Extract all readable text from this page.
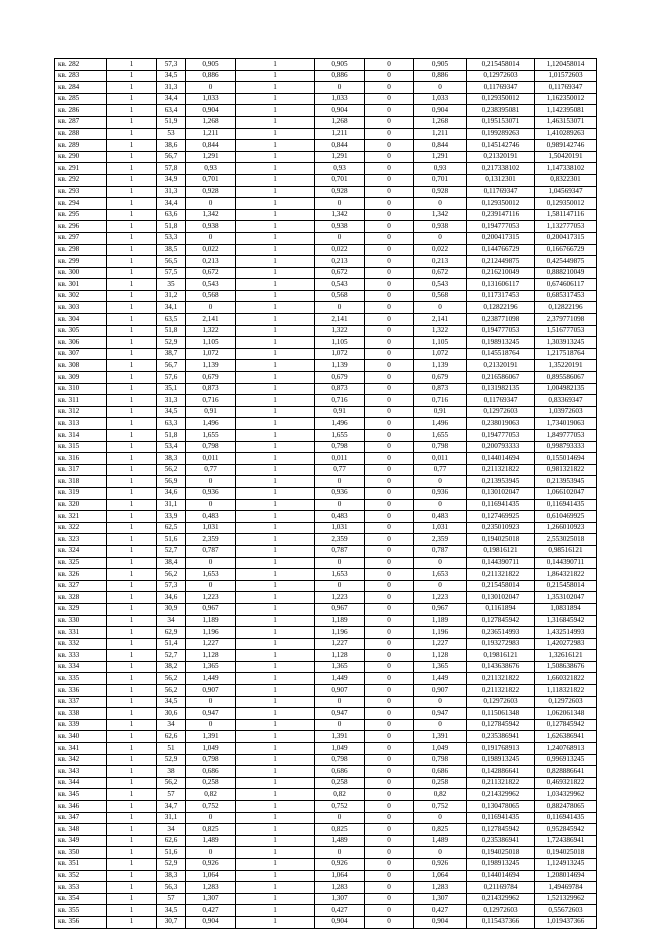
кв. 282	1	57,3	0,905	1	0,905	0	0,905	0,215458014	1,120458014
кв. 283	1	34,5	0,886	1	0,886	0	0,886	0,12972603	1,01572603
кв. 284	1	31,3	0	1	0	0	0	0,11769347	0,11769347
кв. 285	1	34,4	1,033	1	1,033	0	1,033	0,129350012	1,162350012
кв. 286	1	63,4	0,904	1	0,904	0	0,904	0,238395081	1,142395081
кв. 287	1	51,9	1,268	1	1,268	0	1,268	0,195153071	1,463153071
кв. 288	1	53	1,211	1	1,211	0	1,211	0,199289263	1,410289263
кв. 289	1	38,6	0,844	1	0,844	0	0,844	0,145142746	0,989142746
кв. 290	1	56,7	1,291	1	1,291	0	1,291	0,21320191	1,50420191
кв. 291	1	57,8	0,93	1	0,93	0	0,93	0,217338102	1,147338102
кв. 292	1	34,9	0,701	1	0,701	0	0,701	0,1312301	0,8322301
кв. 293	1	31,3	0,928	1	0,928	0	0,928	0,11769347	1,04569347
кв. 294	1	34,4	0	1	0	0	0	0,129350012	0,129350012
кв. 295	1	63,6	1,342	1	1,342	0	1,342	0,239147116	1,581147116
кв. 296	1	51,8	0,938	1	0,938	0	0,938	0,194777053	1,132777053
кв. 297	1	53,3	0	1	0	0	0	0,200417315	0,200417315
кв. 298	1	38,5	0,022	1	0,022	0	0,022	0,144766729	0,166766729
кв. 299	1	56,5	0,213	1	0,213	0	0,213	0,212449875	0,425449875
кв. 300	1	57,5	0,672	1	0,672	0	0,672	0,216210049	0,888210049
кв. 301	1	35	0,543	1	0,543	0	0,543	0,131606117	0,674606117
кв. 302	1	31,2	0,568	1	0,568	0	0,568	0,117317453	0,685317453
кв. 303	1	34,1	0	1	0	0	0	0,12822196	0,12822196
кв. 304	1	63,5	2,141	1	2,141	0	2,141	0,238771098	2,379771098
кв. 305	1	51,8	1,322	1	1,322	0	1,322	0,194777053	1,516777053
кв. 306	1	52,9	1,105	1	1,105	0	1,105	0,198913245	1,303913245
кв. 307	1	38,7	1,072	1	1,072	0	1,072	0,145518764	1,217518764
кв. 308	1	56,7	1,139	1	1,139	0	1,139	0,21320191	1,35220191
кв. 309	1	57,6	0,679	1	0,679	0	0,679	0,216586067	0,895586067
кв. 310	1	35,1	0,873	1	0,873	0	0,873	0,131982135	1,004982135
кв. 311	1	31,3	0,716	1	0,716	0	0,716	0,11769347	0,83369347
кв. 312	1	34,5	0,91	1	0,91	0	0,91	0,12972603	1,03972603
кв. 313	1	63,3	1,496	1	1,496	0	1,496	0,238019063	1,734019063
кв. 314	1	51,8	1,655	1	1,655	0	1,655	0,194777053	1,849777053
кв. 315	1	53,4	0,798	1	0,798	0	0,798	0,200793333	0,998793333
кв. 316	1	38,3	0,011	1	0,011	0	0,011	0,144014694	0,155014694
кв. 317	1	56,2	0,77	1	0,77	0	0,77	0,211321822	0,981321822
кв. 318	1	56,9	0	1	0	0	0	0,213953945	0,213953945
кв. 319	1	34,6	0,936	1	0,936	0	0,936	0,130102047	1,066102047
кв. 320	1	31,1	0	1	0	0	0	0,116941435	0,116941435
кв. 321	1	33,9	0,483	1	0,483	0	0,483	0,127469925	0,610469925
кв. 322	1	62,5	1,031	1	1,031	0	1,031	0,235010923	1,266010923
кв. 323	1	51,6	2,359	1	2,359	0	2,359	0,194025018	2,553025018
кв. 324	1	52,7	0,787	1	0,787	0	0,787	0,19816121	0,98516121
кв. 325	1	38,4	0	1	0	0	0	0,144390711	0,144390711
кв. 326	1	56,2	1,653	1	1,653	0	1,653	0,211321822	1,864321822
кв. 327	1	57,3	0	1	0	0	0	0,215458014	0,215458014
кв. 328	1	34,6	1,223	1	1,223	0	1,223	0,130102047	1,353102047
кв. 329	1	30,9	0,967	1	0,967	0	0,967	0,1161894	1,0831894
кв. 330	1	34	1,189	1	1,189	0	1,189	0,127845942	1,316845942
кв. 331	1	62,9	1,196	1	1,196	0	1,196	0,236514993	1,432514993
кв. 332	1	51,4	1,227	1	1,227	0	1,227	0,193272983	1,420272983
кв. 333	1	52,7	1,128	1	1,128	0	1,128	0,19816121	1,32616121
кв. 334	1	38,2	1,365	1	1,365	0	1,365	0,143638676	1,508638676
кв. 335	1	56,2	1,449	1	1,449	0	1,449	0,211321822	1,660321822
кв. 336	1	56,2	0,907	1	0,907	0	0,907	0,211321822	1,118321822
кв. 337	1	34,5	0	1	0	0	0	0,12972603	0,12972603
кв. 338	1	30,6	0,947	1	0,947	0	0,947	0,115061348	1,062061348
кв. 339	1	34	0	1	0	0	0	0,127845942	0,127845942
кв. 340	1	62,6	1,391	1	1,391	0	1,391	0,235386941	1,626386941
кв. 341	1	51	1,049	1	1,049	0	1,049	0,191768913	1,240768913
кв. 342	1	52,9	0,798	1	0,798	0	0,798	0,198913245	0,996913245
кв. 343	1	38	0,686	1	0,686	0	0,686	0,142886641	0,828886641
кв. 344	1	56,2	0,258	1	0,258	0	0,258	0,211321822	0,469321822
кв. 345	1	57	0,82	1	0,82	0	0,82	0,214329962	1,034329962
кв. 346	1	34,7	0,752	1	0,752	0	0,752	0,130478065	0,882478065
кв. 347	1	31,1	0	1	0	0	0	0,116941435	0,116941435
кв. 348	1	34	0,825	1	0,825	0	0,825	0,127845942	0,952845942
кв. 349	1	62,6	1,489	1	1,489	0	1,489	0,235386941	1,724386941
кв. 350	1	51,6	0	1	0	0	0	0,194025018	0,194025018
кв. 351	1	52,9	0,926	1	0,926	0	0,926	0,198913245	1,124913245
кв. 352	1	38,3	1,064	1	1,064	0	1,064	0,144014694	1,208014694
кв. 353	1	56,3	1,283	1	1,283	0	1,283	0,21169784	1,49469784
кв. 354	1	57	1,307	1	1,307	0	1,307	0,214329962	1,521329962
кв. 355	1	34,5	0,427	1	0,427	0	0,427	0,12972603	0,55672603
кв. 356	1	30,7	0,904	1	0,904	0	0,904	0,115437366	1,019437366
